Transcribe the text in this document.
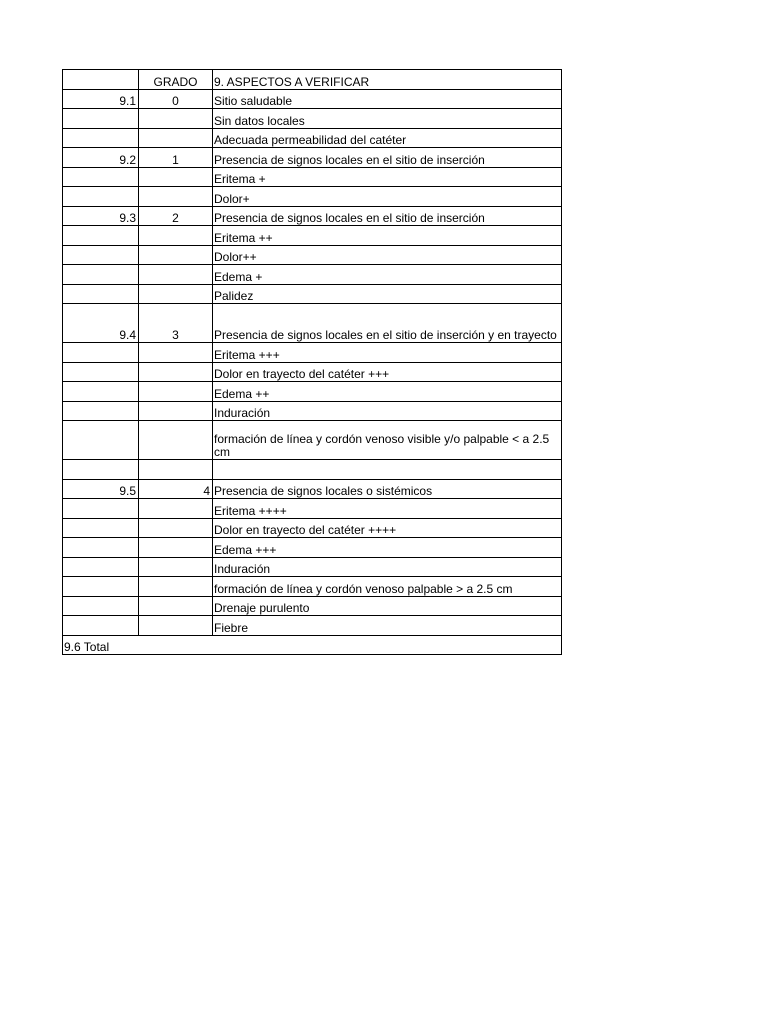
	GRADO	9. ASPECTOS A VERIFICAR
9.1	0	Sitio saludable
		Sin datos locales
		Adecuada permeabilidad del catéter
9.2	1	Presencia de signos locales en el sitio de inserción
		Eritema +
		Dolor+
9.3	2	Presencia de signos locales en el sitio de inserción
		Eritema ++
		Dolor++
		Edema +
		Palidez
9.4	3	Presencia de signos locales en el sitio de inserción y en trayecto
		Eritema +++
		Dolor en trayecto del catéter +++
		Edema ++
		Induración
		formación de línea y cordón venoso visible y/o palpable < a 2.5 cm

9.5	4	Presencia de signos locales o sistémicos
		Eritema ++++
		Dolor en trayecto del catéter ++++
		Edema +++
		Induración
		formación de línea y cordón venoso palpable > a 2.5 cm
		Drenaje purulento
		Fiebre
9.6 Total		
